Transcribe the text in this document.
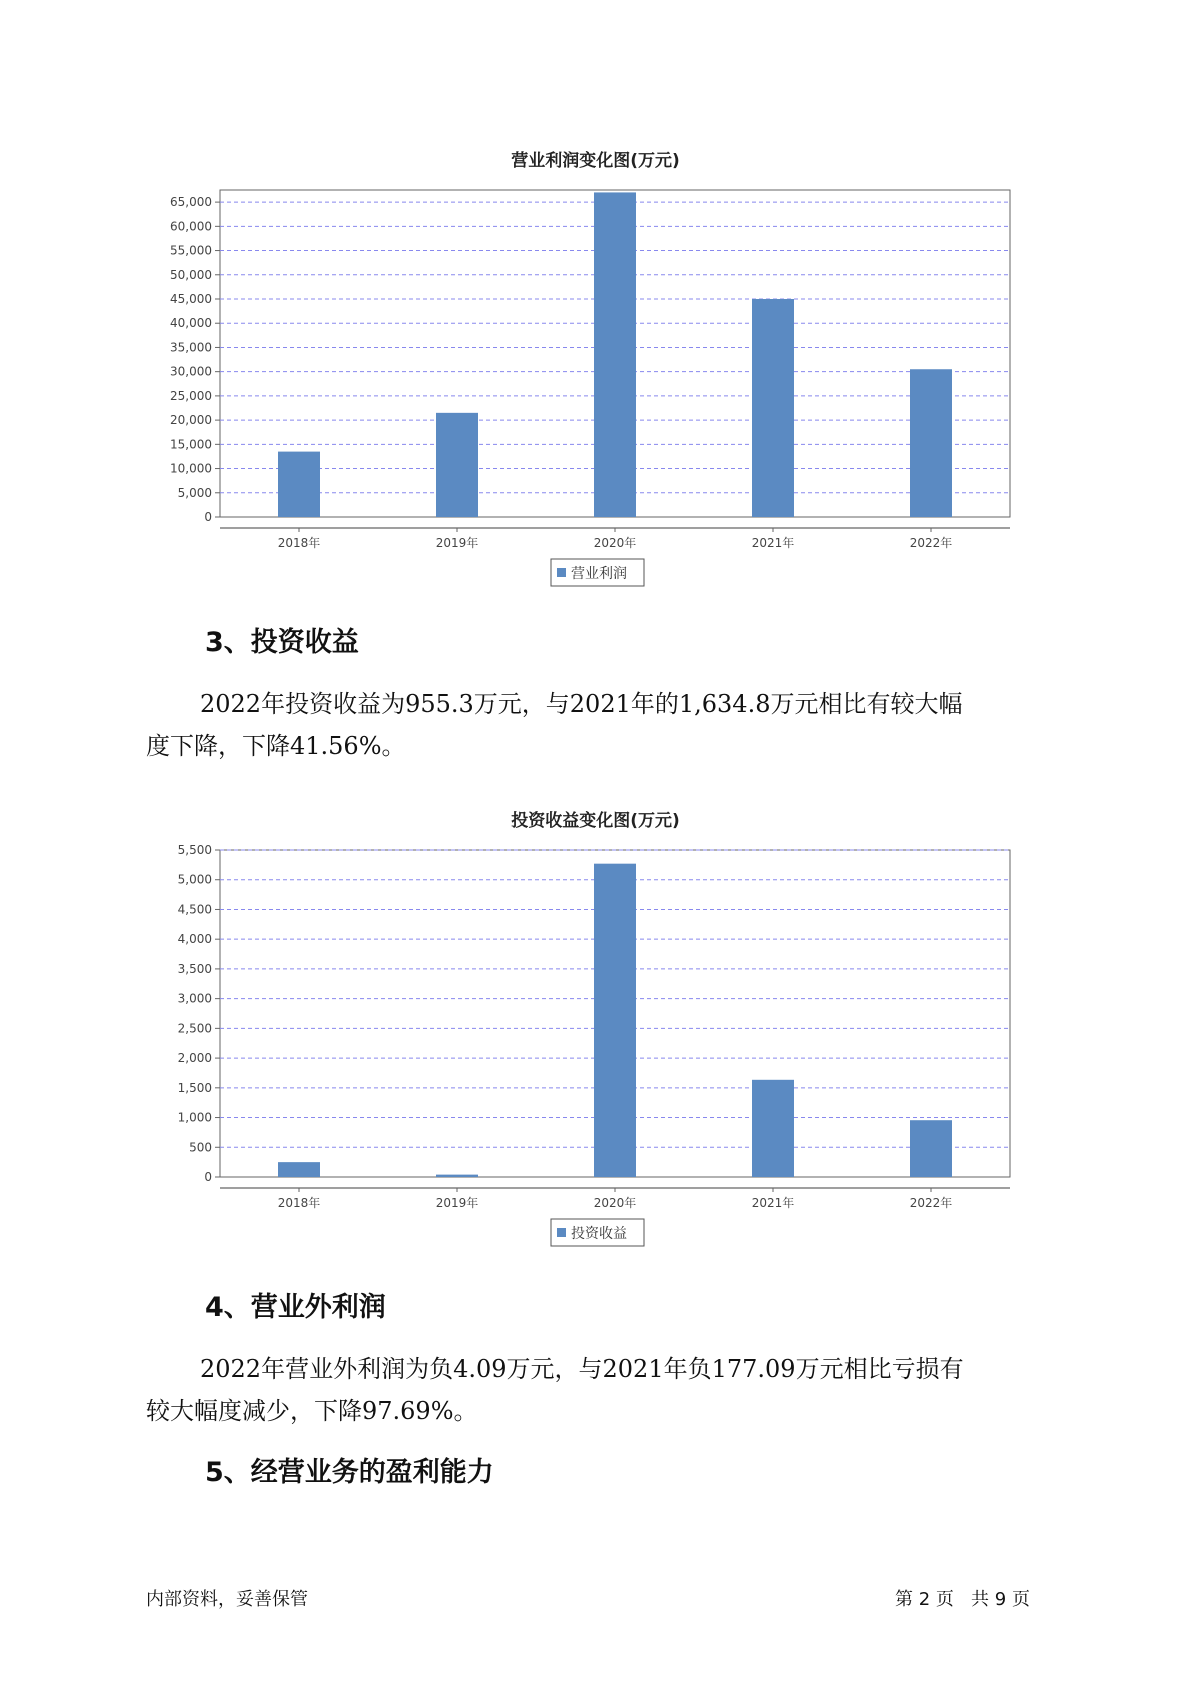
营业利润变化图(万元)
0
5,000
10,000
15,000
20,000
25,000
30,000
35,000
40,000
45,000
50,000
55,000
60,000
65,000
2018年	2019年	2020年	2021年	2022年
营业利润
3、投资收益

2022年投资收益为955.3万元，与2021年的1,634.8万元相比有较大幅
度下降，下降41.56%。

投资收益变化图(万元)
0
500
1,000
1,500
2,000
2,500
3,000
3,500
4,000
4,500
5,000
5,500
2018年	2019年	2020年	2021年	2022年
投资收益
4、营业外利润

2022年营业外利润为负4.09万元，与2021年负177.09万元相比亏损有
较大幅度减少，下降97.69%。

5、经营业务的盈利能力
内部资料，妥善保管	第 2 页   共 9 页
